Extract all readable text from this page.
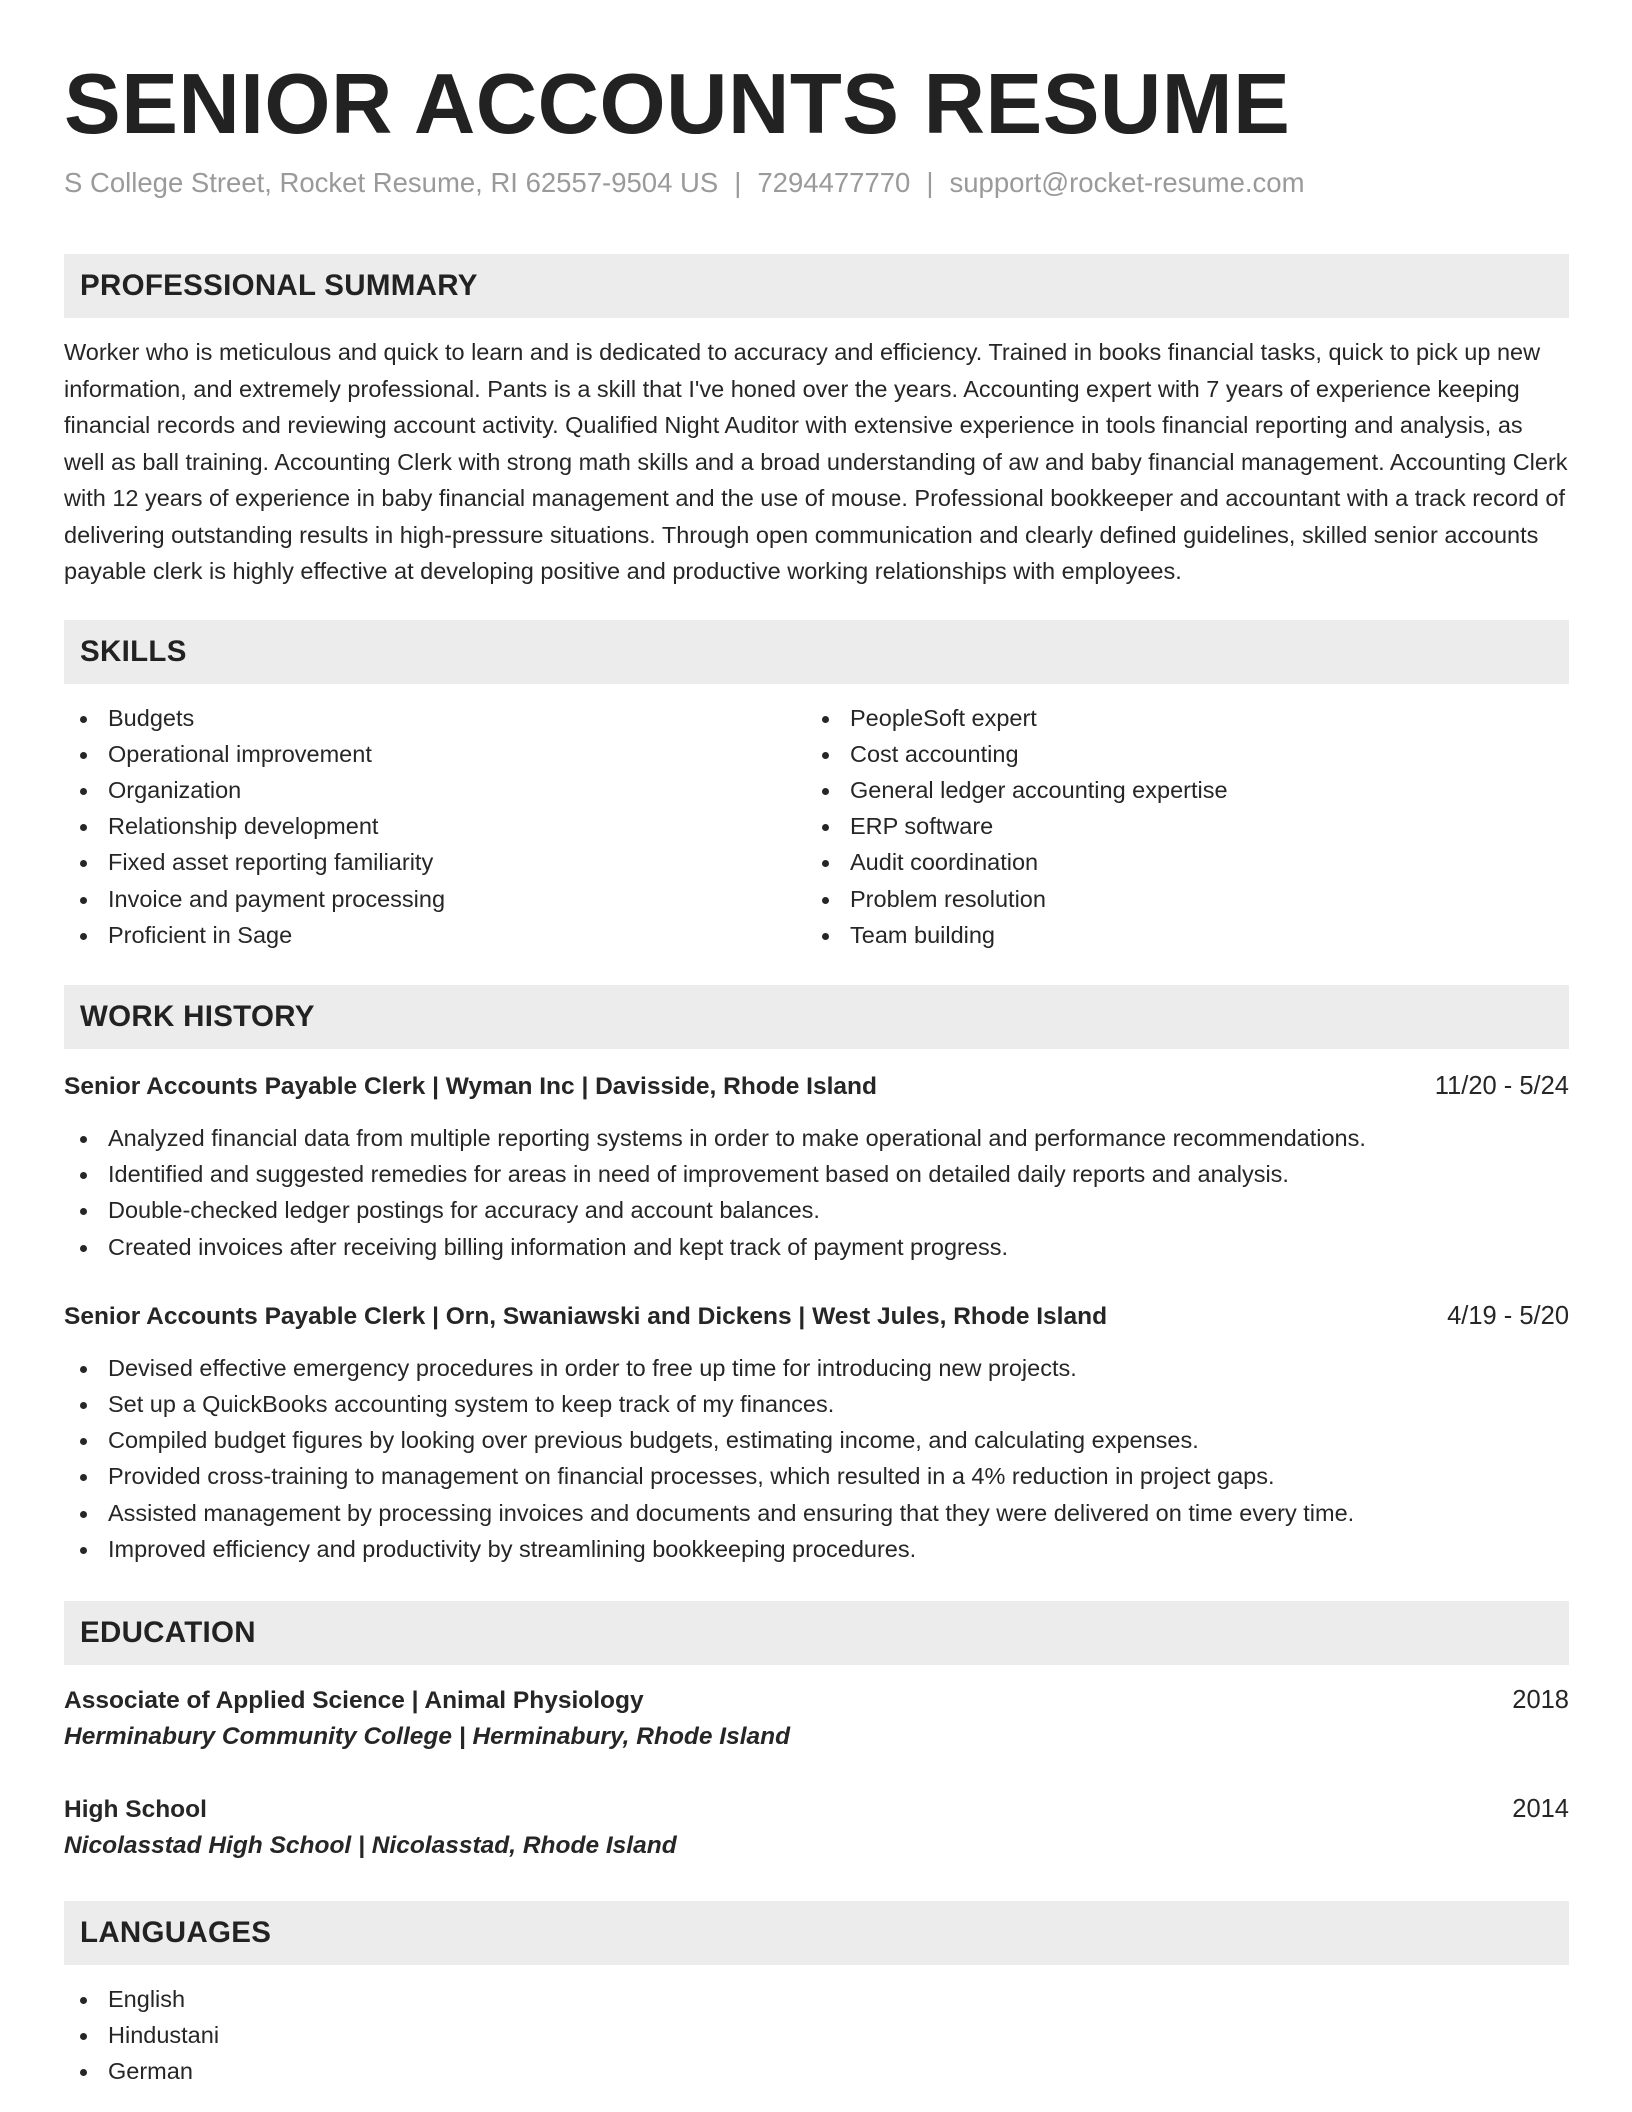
SENIOR ACCOUNTS RESUME
S College Street, Rocket Resume, RI 62557-9504 US | 7294477770 | support@rocket-resume.com
PROFESSIONAL SUMMARY

Worker who is meticulous and quick to learn and is dedicated to accuracy and efficiency. Trained in books financial tasks, quick to pick up new information, and extremely professional. Pants is a skill that I've honed over the years. Accounting expert with 7 years of experience keeping financial records and reviewing account activity. Qualified Night Auditor with extensive experience in tools financial reporting and analysis, as well as ball training. Accounting Clerk with strong math skills and a broad understanding of aw and baby financial management. Accounting Clerk with 12 years of experience in baby financial management and the use of mouse. Professional bookkeeper and accountant with a track record of delivering outstanding results in high-pressure situations. Through open communication and clearly defined guidelines, skilled senior accounts payable clerk is highly effective at developing positive and productive working relationships with employees.

SKILLS
Budgets
Operational improvement
Organization
Relationship development
Fixed asset reporting familiarity
Invoice and payment processing
Proficient in Sage
PeopleSoft expert
Cost accounting
General ledger accounting expertise
ERP software
Audit coordination
Problem resolution
Team building
WORK HISTORY
Senior Accounts Payable Clerk | Wyman Inc | Davisside, Rhode Island	11/20 - 5/24
Analyzed financial data from multiple reporting systems in order to make operational and performance recommendations.
Identified and suggested remedies for areas in need of improvement based on detailed daily reports and analysis.
Double-checked ledger postings for accuracy and account balances.
Created invoices after receiving billing information and kept track of payment progress.
Senior Accounts Payable Clerk | Orn, Swaniawski and Dickens | West Jules, Rhode Island	4/19 - 5/20
Devised effective emergency procedures in order to free up time for introducing new projects.
Set up a QuickBooks accounting system to keep track of my finances.
Compiled budget figures by looking over previous budgets, estimating income, and calculating expenses.
Provided cross-training to management on financial processes, which resulted in a 4% reduction in project gaps.
Assisted management by processing invoices and documents and ensuring that they were delivered on time every time.
Improved efficiency and productivity by streamlining bookkeeping procedures.
EDUCATION
Associate of Applied Science | Animal Physiology	2018
Herminabury Community College | Herminabury, Rhode Island
High School	2014
Nicolasstad High School | Nicolasstad, Rhode Island
LANGUAGES
English
Hindustani
German
